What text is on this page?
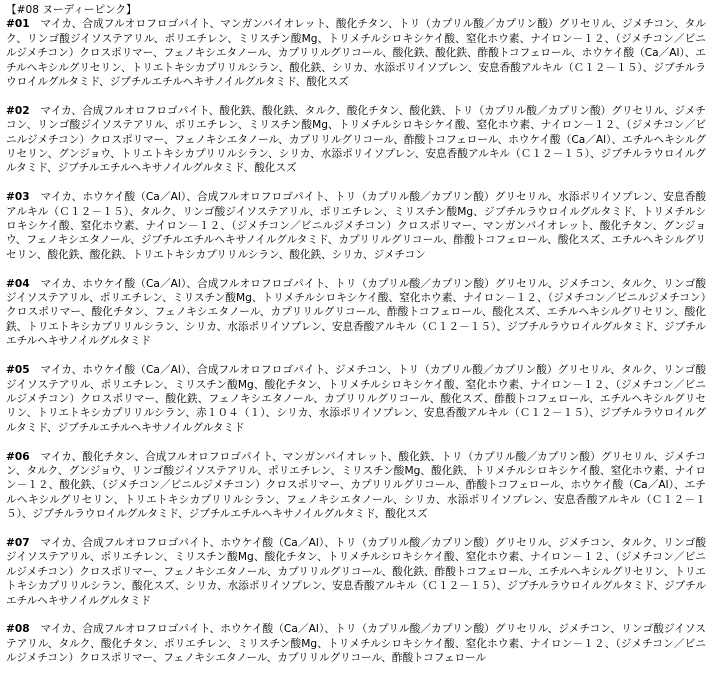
【#08 ヌーディーピンク】

#01　 マイカ、合成フルオロフロゴパイト、マンガンバイオレット、酸化チタン、トリ（カプリル酸／カプリン酸）グリセリル、ジメチコン、タルク、リンゴ酸ジイソステアリル、ポリエチレン、ミリスチン酸Mg、トリメチルシロキシケイ酸、窒化ホウ素、ナイロン－１２、（ジメチコン／ビニルジメチコン）クロスポリマー、フェノキシエタノール、カプリリルグリコール、酸化鉄、酸化鉄、酢酸トコフェロール、ホウケイ酸（Ca／Al）、エチルヘキシルグリセリン、トリエトキシカプリリルシラン、酸化鉄、シリカ、水添ポリイソプレン、安息香酸アルキル（Ｃ１２－１５）、ジブチルラウロイルグルタミド、ジブチルエチルヘキサノイルグルタミド、酸化スズ

#02　 マイカ、合成フルオロフロゴパイト、酸化鉄、酸化鉄、タルク、酸化チタン、酸化鉄、トリ（カプリル酸／カプリン酸）グリセリル、ジメチコン、リンゴ酸ジイソステアリル、ポリエチレン、ミリスチン酸Mg、トリメチルシロキシケイ酸、窒化ホウ素、ナイロン－１２、（ジメチコン／ビニルジメチコン）クロスポリマー、フェノキシエタノール、カプリリルグリコール、酢酸トコフェロール、ホウケイ酸（Ca／Al）、エチルヘキシルグリセリン、グンジョウ、トリエトキシカプリリルシラン、シリカ、水添ポリイソプレン、安息香酸アルキル（Ｃ１２－１５）、ジブチルラウロイルグルタミド、ジブチルエチルヘキサノイルグルタミド、酸化スズ

#03　 マイカ、ホウケイ酸（Ca／Al）、合成フルオロフロゴパイト、トリ（カプリル酸／カプリン酸）グリセリル、水添ポリイソプレン、安息香酸アルキル（Ｃ１２－１５）、タルク、リンゴ酸ジイソステアリル、ポリエチレン、ミリスチン酸Mg、ジブチルラウロイルグルタミド、トリメチルシロキシケイ酸、窒化ホウ素、ナイロン－１２、（ジメチコン／ビニルジメチコン）クロスポリマー、マンガンバイオレット、酸化チタン、グンジョウ、フェノキシエタノール、ジブチルエチルヘキサノイルグルタミド、カプリリルグリコール、酢酸トコフェロール、酸化スズ、エチルヘキシルグリセリン、酸化鉄、酸化鉄、トリエトキシカプリリルシラン、酸化鉄、シリカ、ジメチコン

#04　 マイカ、ホウケイ酸（Ca／Al）、合成フルオロフロゴパイト、トリ（カプリル酸／カプリン酸）グリセリル、ジメチコン、タルク、リンゴ酸ジイソステアリル、ポリエチレン、ミリスチン酸Mg、トリメチルシロキシケイ酸、窒化ホウ素、ナイロン－１２、（ジメチコン／ビニルジメチコン）クロスポリマー、酸化チタン、フェノキシエタノール、カプリリルグリコール、酢酸トコフェロール、酸化スズ、エチルヘキシルグリセリン、酸化鉄、トリエトキシカプリリルシラン、シリカ、水添ポリイソプレン、安息香酸アルキル（Ｃ１２－１５）、ジブチルラウロイルグルタミド、ジブチルエチルヘキサノイルグルタミド

#05　 マイカ、ホウケイ酸（Ca／Al）、合成フルオロフロゴパイト、ジメチコン、トリ（カプリル酸／カプリン酸）グリセリル、タルク、リンゴ酸ジイソステアリル、ポリエチレン、ミリスチン酸Mg、酸化チタン、トリメチルシロキシケイ酸、窒化ホウ素、ナイロン－１２、（ジメチコン／ビニルジメチコン）クロスポリマー、酸化鉄、フェノキシエタノール、カプリリルグリコール、酸化スズ、酢酸トコフェロール、エチルヘキシルグリセリン、トリエトキシカプリリルシラン、赤１０４（１）、シリカ、水添ポリイソプレン、安息香酸アルキル（Ｃ１２－１５）、ジブチルラウロイルグルタミド、ジブチルエチルヘキサノイルグルタミド

#06　 マイカ、酸化チタン、合成フルオロフロゴパイト、マンガンバイオレット、酸化鉄、トリ（カプリル酸／カプリン酸）グリセリル、ジメチコン、タルク、グンジョウ、リンゴ酸ジイソステアリル、ポリエチレン、ミリスチン酸Mg、酸化鉄、トリメチルシロキシケイ酸、窒化ホウ素、ナイロン－１２、酸化鉄、（ジメチコン／ビニルジメチコン）クロスポリマー、カプリリルグリコール、酢酸トコフェロール、ホウケイ酸（Ca／Al）、エチルヘキシルグリセリン、トリエトキシカプリリルシラン、フェノキシエタノール、シリカ、水添ポリイソプレン、安息香酸アルキル（Ｃ１２－１５）、ジブチルラウロイルグルタミド、ジブチルエチルヘキサノイルグルタミド、酸化スズ

#07　 マイカ、合成フルオロフロゴパイト、ホウケイ酸（Ca／Al）、トリ（カプリル酸／カプリン酸）グリセリル、ジメチコン、タルク、リンゴ酸ジイソステアリル、ポリエチレン、ミリスチン酸Mg、酸化チタン、トリメチルシロキシケイ酸、窒化ホウ素、ナイロン－１２、（ジメチコン／ビニルジメチコン）クロスポリマー、フェノキシエタノール、カプリリルグリコール、酸化鉄、酢酸トコフェロール、エチルヘキシルグリセリン、トリエトキシカプリリルシラン、酸化スズ、シリカ、水添ポリイソプレン、安息香酸アルキル（Ｃ１２－１５）、ジブチルラウロイルグルタミド、ジブチルエチルヘキサノイルグルタミド

#08　 マイカ、合成フルオロフロゴパイト、ホウケイ酸（Ca／Al）、トリ（カプリル酸／カプリン酸）グリセリル、ジメチコン、リンゴ酸ジイソステアリル、タルク、酸化チタン、ポリエチレン、ミリスチン酸Mg、トリメチルシロキシケイ酸、窒化ホウ素、ナイロン－１２、（ジメチコン／ビニルジメチコン）クロスポリマー、フェノキシエタノール、カプリリルグリコール、酢酸トコフェロール
